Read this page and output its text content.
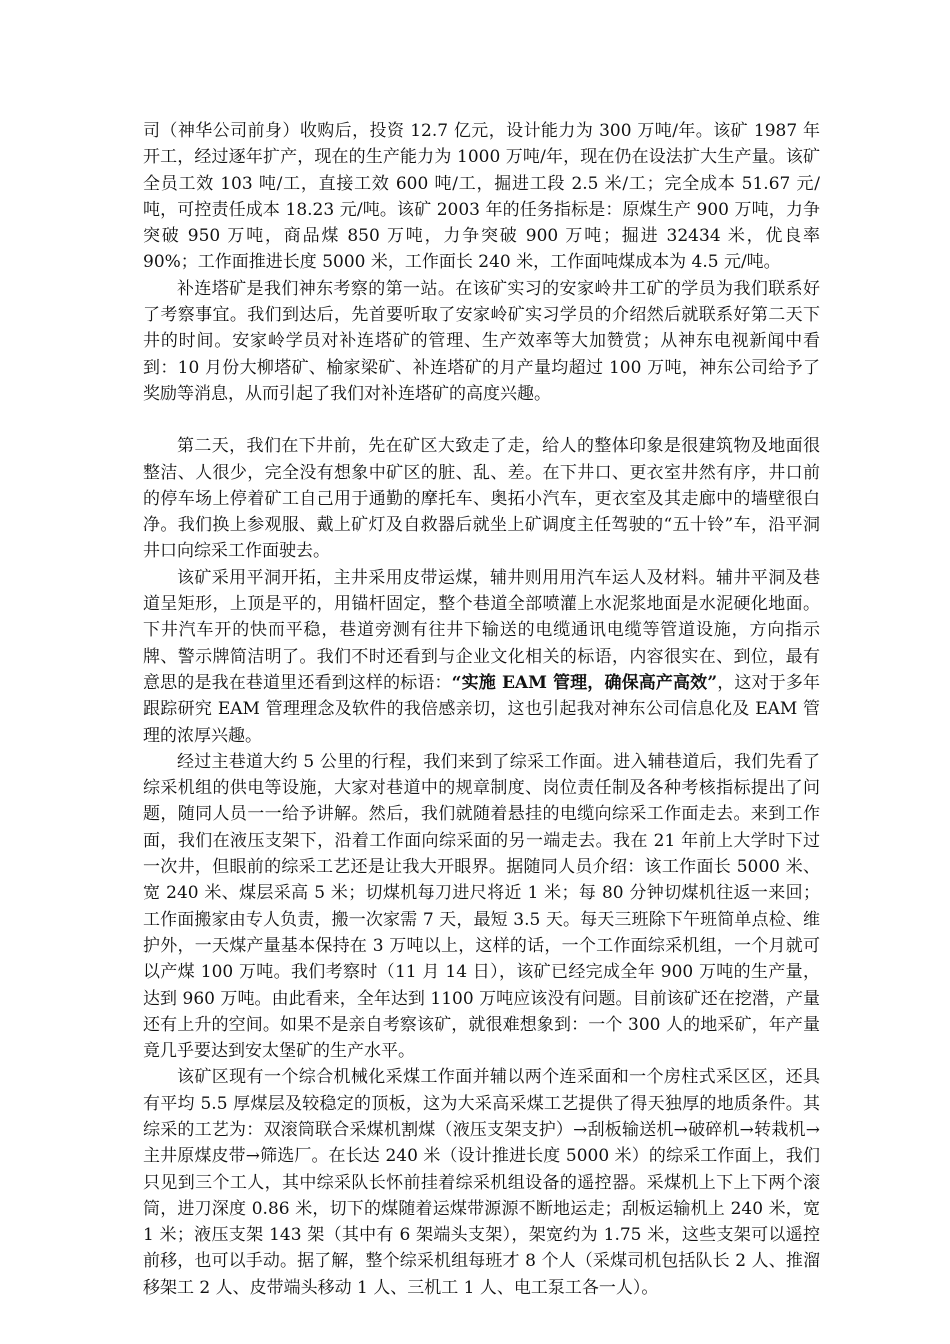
司（神华公司前身）收购后，投资 12.7 亿元，设计能力为 300 万吨/年。该矿 1987 年开工，经过逐年扩产，现在的生产能力为 1000 万吨/年，现在仍在设法扩大生产量。该矿全员工效 103 吨/工，直接工效 600 吨/工，掘进工段 2.5 米/工；完全成本 51.67 元/吨，可控责任成本 18.23 元/吨。该矿 2003 年的任务指标是：原煤生产 900 万吨，力争突破 950 万吨，商品煤 850 万吨，力争突破 900 万吨；掘进 32434 米，优良率 90%；工作面推进长度 5000 米，工作面长 240 米，工作面吨煤成本为 4.5 元/吨。

补连塔矿是我们神东考察的第一站。在该矿实习的安家岭井工矿的学员为我们联系好了考察事宜。我们到达后，先首要听取了安家岭矿实习学员的介绍然后就联系好第二天下井的时间。安家岭学员对补连塔矿的管理、生产效率等大加赞赏；从神东电视新闻中看到：10 月份大柳塔矿、榆家梁矿、补连塔矿的月产量均超过 100 万吨，神东公司给予了奖励等消息，从而引起了我们对补连塔矿的高度兴趣。

第二天，我们在下井前，先在矿区大致走了走，给人的整体印象是很建筑物及地面很整洁、人很少，完全没有想象中矿区的脏、乱、差。在下井口、更衣室井然有序，井口前的停车场上停着矿工自己用于通勤的摩托车、奥拓小汽车，更衣室及其走廊中的墙壁很白净。我们换上参观服、戴上矿灯及自救器后就坐上矿调度主任驾驶的“五十铃”车，沿平洞井口向综采工作面驶去。

该矿采用平洞开拓，主井采用皮带运煤，辅井则用用汽车运人及材料。辅井平洞及巷道呈矩形，上顶是平的，用锚杆固定，整个巷道全部喷灌上水泥浆地面是水泥硬化地面。下井汽车开的快而平稳，巷道旁测有往井下输送的电缆通讯电缆等管道设施，方向指示牌、警示牌简洁明了。我们不时还看到与企业文化相关的标语，内容很实在、到位，最有意思的是我在巷道里还看到这样的标语：“实施 EAM 管理，确保高产高效”，这对于多年跟踪研究 EAM 管理理念及软件的我倍感亲切，这也引起我对神东公司信息化及 EAM 管理的浓厚兴趣。

经过主巷道大约 5 公里的行程，我们来到了综采工作面。进入辅巷道后，我们先看了综采机组的供电等设施，大家对巷道中的规章制度、岗位责任制及各种考核指标提出了问题，随同人员一一给予讲解。然后，我们就随着悬挂的电缆向综采工作面走去。来到工作面，我们在液压支架下，沿着工作面向综采面的另一端走去。我在 21 年前上大学时下过一次井，但眼前的综采工艺还是让我大开眼界。据随同人员介绍：该工作面长 5000 米、宽 240 米、煤层采高 5 米；切煤机每刀进尺将近 1 米；每 80 分钟切煤机往返一来回；工作面搬家由专人负责，搬一次家需 7 天，最短 3.5 天。每天三班除下午班简单点检、维护外，一天煤产量基本保持在 3 万吨以上，这样的话，一个工作面综采机组，一个月就可以产煤 100 万吨。我们考察时（11 月 14 日），该矿已经完成全年 900 万吨的生产量，达到 960 万吨。由此看来，全年达到 1100 万吨应该没有问题。目前该矿还在挖潜，产量还有上升的空间。如果不是亲自考察该矿，就很难想象到：一个 300 人的地采矿，年产量竟几乎要达到安太堡矿的生产水平。

该矿区现有一个综合机械化采煤工作面并辅以两个连采面和一个房柱式采区区，还具有平均 5.5 厚煤层及较稳定的顶板，这为大采高采煤工艺提供了得天独厚的地质条件。其综采的工艺为：双滚筒联合采煤机割煤（液压支架支护）→刮板输送机→破碎机→转栽机→主井原煤皮带→筛选厂。在长达 240 米（设计推进长度 5000 米）的综采工作面上，我们只见到三个工人，其中综采队长怀前挂着综采机组设备的遥控器。采煤机上下上下两个滚筒，进刀深度 0.86 米，切下的煤随着运煤带源源不断地运走；刮板运输机上 240 米，宽 1 米；液压支架 143 架（其中有 6 架端头支架），架宽约为 1.75 米，这些支架可以遥控前移，也可以手动。据了解，整个综采机组每班才 8 个人（采煤司机包括队长 2 人、推溜移架工 2 人、皮带端头移动 1 人、三机工 1 人、电工泵工各一人）。
